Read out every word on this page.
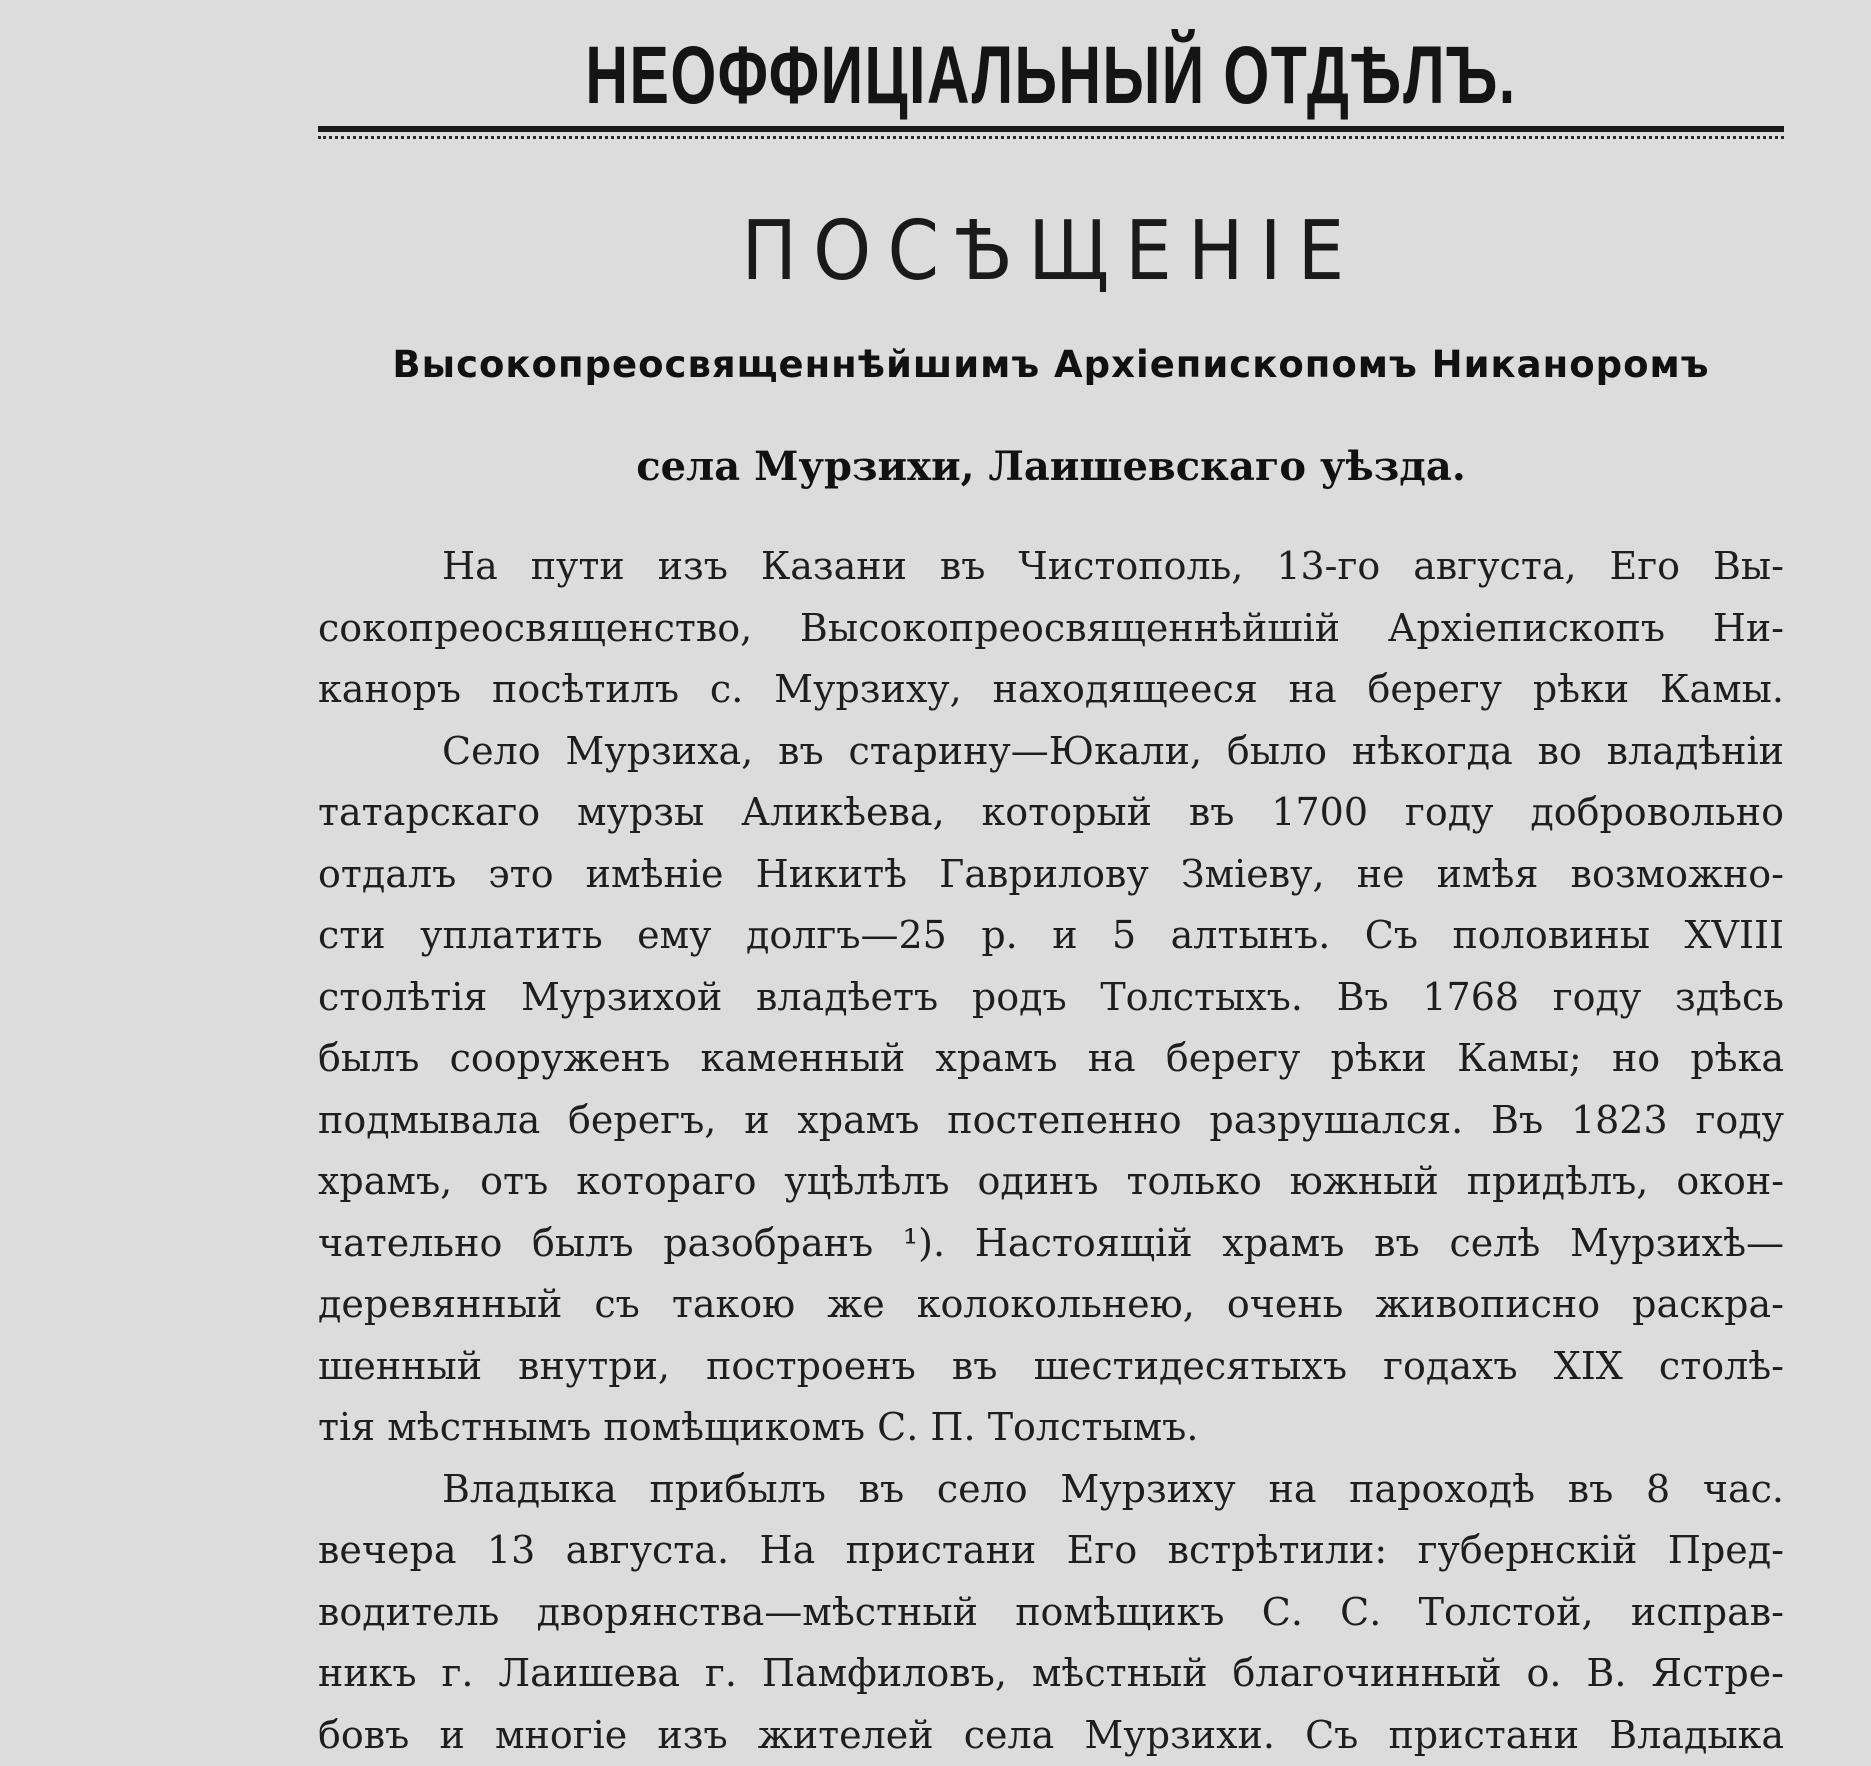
НЕОФФИЦІАЛЬНЫЙ ОТДѢЛЪ.
ПОСѢЩЕНІЕ
Высокопреосвященнѣйшимъ Архіепископомъ Никаноромъ
села Мурзихи, Лаишевскаго уѣзда.
На пути изъ Казани въ Чистополь, 13-го августа, Его Вы-
сокопреосвященство, Высокопреосвященнѣйшій Архіепископъ Ни-
каноръ посѣтилъ с. Мурзиху, находящееся на берегу рѣки Камы.
Село Мурзиха, въ старину—Юкали, было нѣкогда во владѣніи
татарскаго мурзы Аликѣева, который въ 1700 году добровольно
отдалъ это имѣніе Никитѣ Гаврилову Зміеву, не имѣя возможно-
сти уплатить ему долгъ—25 р. и 5 алтынъ. Съ половины XVIII
столѣтія Мурзихой владѣетъ родъ Толстыхъ. Въ 1768 году здѣсь
былъ сооруженъ каменный храмъ на берегу рѣки Камы; но рѣка
подмывала берегъ, и храмъ постепенно разрушался. Въ 1823 году
храмъ, отъ котораго уцѣлѣлъ одинъ только южный придѣлъ, окон-
чательно былъ разобранъ ¹). Настоящій храмъ въ селѣ Мурзихѣ—
деревянный съ такою же колокольнею, очень живописно раскра-
шенный внутри, построенъ въ шестидесятыхъ годахъ XIX столѣ-
тія мѣстнымъ помѣщикомъ С. П. Толстымъ.
Владыка прибылъ въ село Мурзиху на пароходѣ въ 8 час.
вечера 13 августа. На пристани Его встрѣтили: губернскій Пред-
водитель дворянства—мѣстный помѣщикъ С. С. Толстой, исправ-
никъ г. Лаишева г. Памфиловъ, мѣстный благочинный о. В. Ястре-
бовъ и многіе изъ жителей села Мурзихи. Съ пристани Владыка
